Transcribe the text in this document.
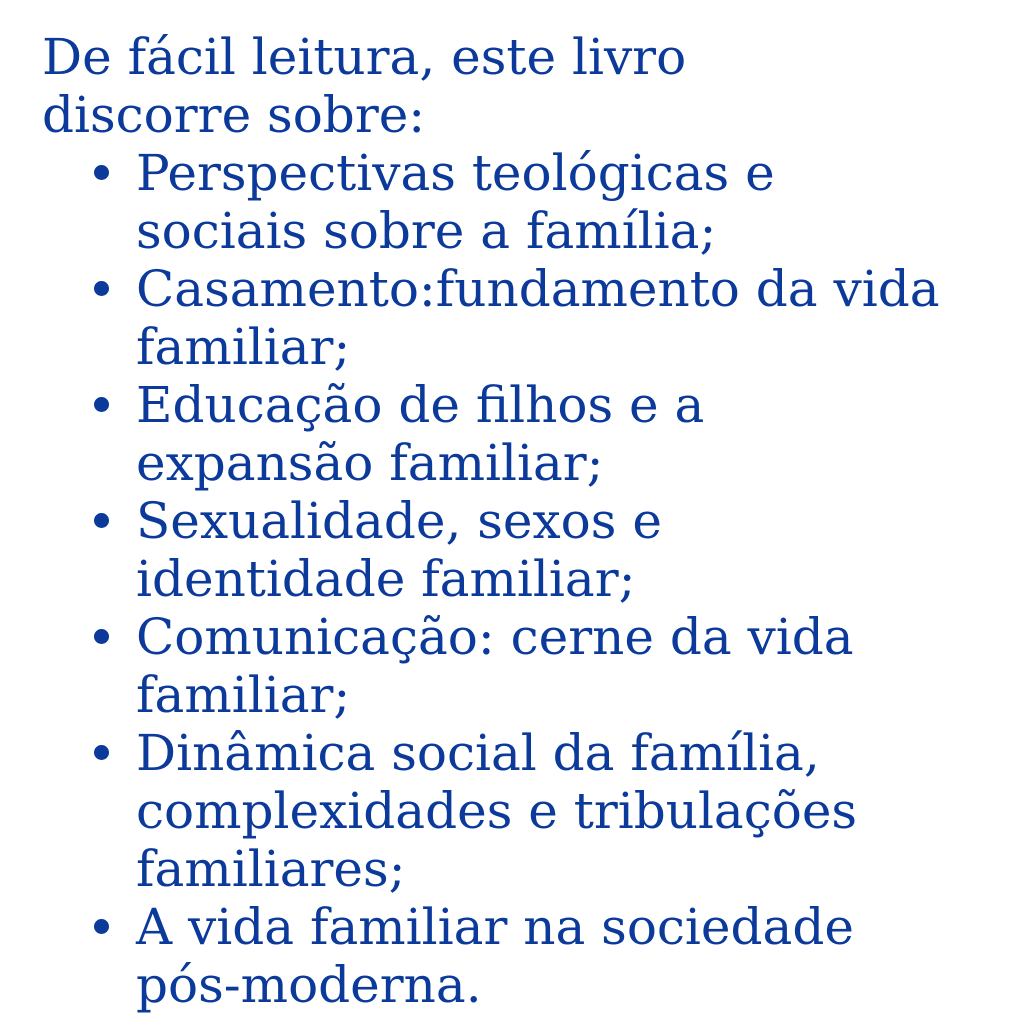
De fácil leitura, este livro discorre sobre:

Perspectivas teológicas e sociais sobre a família;
Casamento:fundamento da vida familiar;
Educação de filhos e a expansão familiar;
Sexualidade, sexos e identidade familiar;
Comunicação: cerne da vida familiar;
Dinâmica social da família, complexidades e tribulações familiares;
A vida familiar na sociedade pós-moderna.
